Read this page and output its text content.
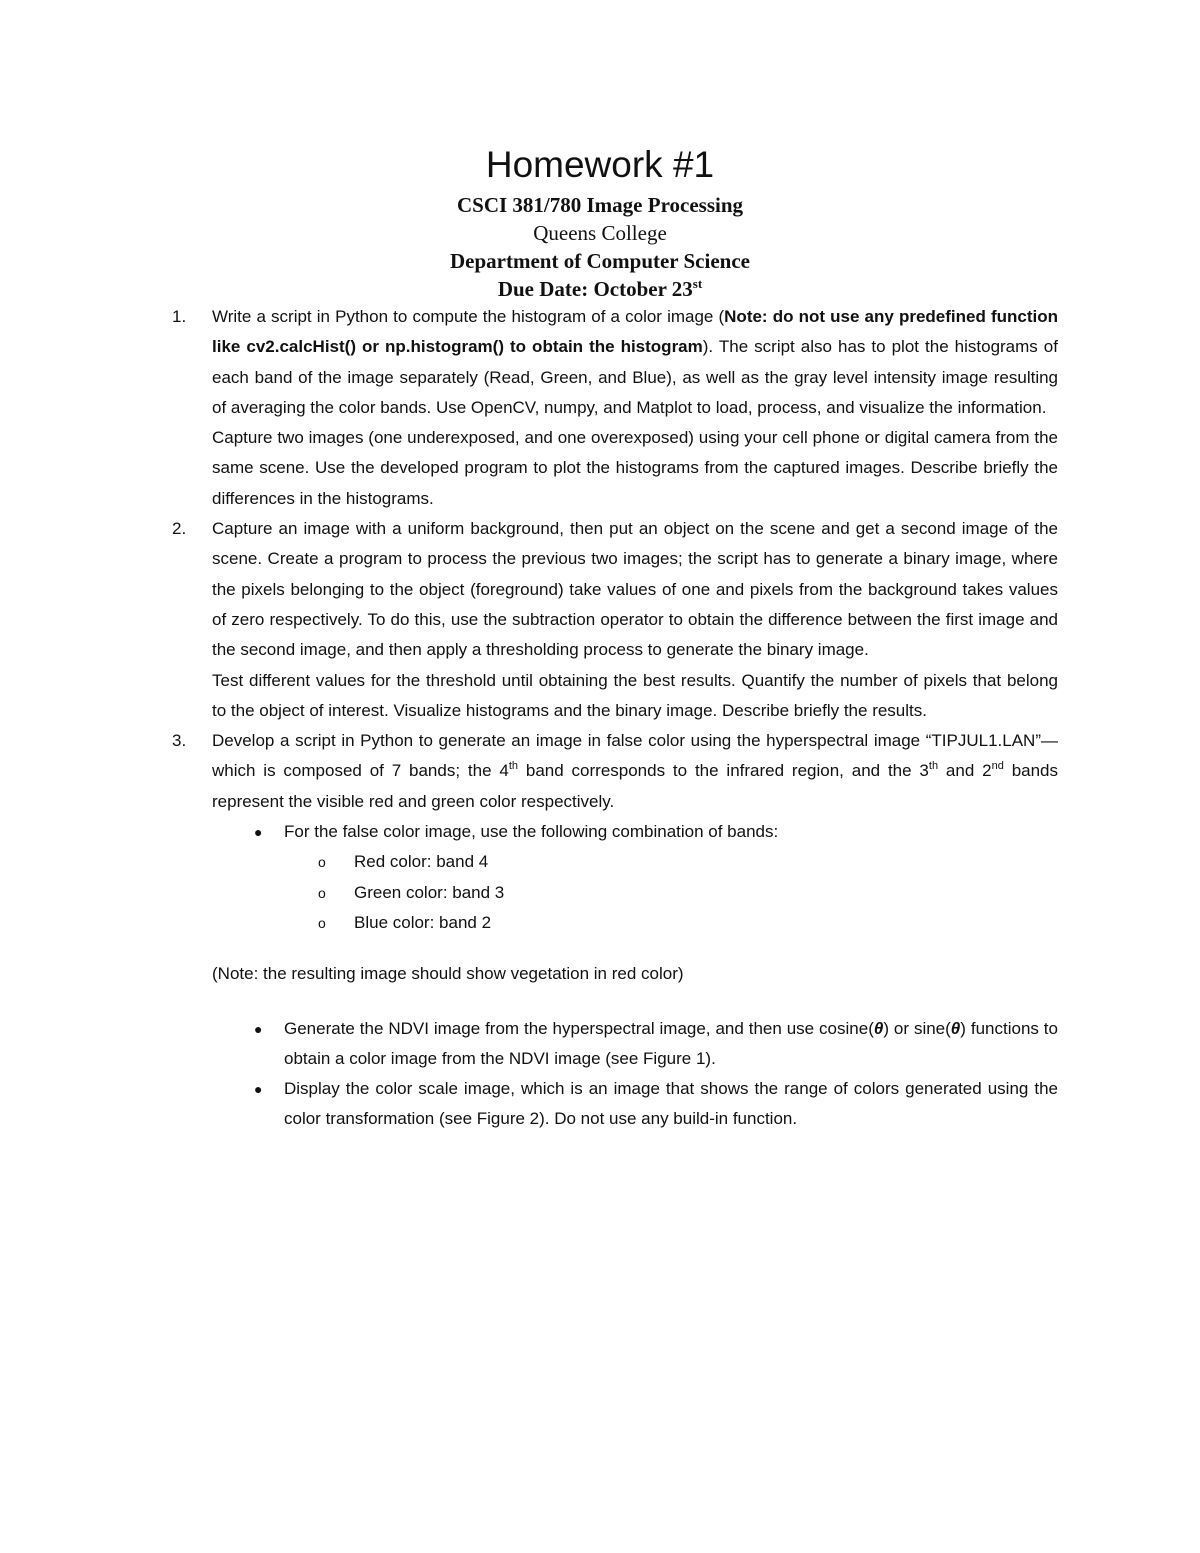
Homework #1
CSCI 381/780 Image Processing
Queens College
Department of Computer Science
Due Date: October 23st
1. Write a script in Python to compute the histogram of a color image (Note: do not use any predefined function like cv2.calcHist() or np.histogram() to obtain the histogram). The script also has to plot the histograms of each band of the image separately (Read, Green, and Blue), as well as the gray level intensity image resulting of averaging the color bands. Use OpenCV, numpy, and Matplot to load, process, and visualize the information.

Capture two images (one underexposed, and one overexposed) using your cell phone or digital camera from the same scene. Use the developed program to plot the histograms from the captured images. Describe briefly the differences in the histograms.

2. Capture an image with a uniform background, then put an object on the scene and get a second image of the scene. Create a program to process the previous two images; the script has to generate a binary image, where the pixels belonging to the object (foreground) take values of one and pixels from the background takes values of zero respectively. To do this, use the subtraction operator to obtain the difference between the first image and the second image, and then apply a thresholding process to generate the binary image.

Test different values for the threshold until obtaining the best results. Quantify the number of pixels that belong to the object of interest. Visualize histograms and the binary image. Describe briefly the results.

3. Develop a script in Python to generate an image in false color using the hyperspectral image “TIPJUL1.LAN”—which is composed of 7 bands; the 4th band corresponds to the infrared region, and the 3th and 2nd bands represent the visible red and green color respectively.

● For the false color image, use the following combination of bands:

o Red color: band 4

o Green color: band 3

o Blue color: band 2

(Note: the resulting image should show vegetation in red color)

● Generate the NDVI image from the hyperspectral image, and then use cosine(θ) or sine(θ) functions to obtain a color image from the NDVI image (see Figure 1).

● Display the color scale image, which is an image that shows the range of colors generated using the color transformation (see Figure 2). Do not use any build-in function.
